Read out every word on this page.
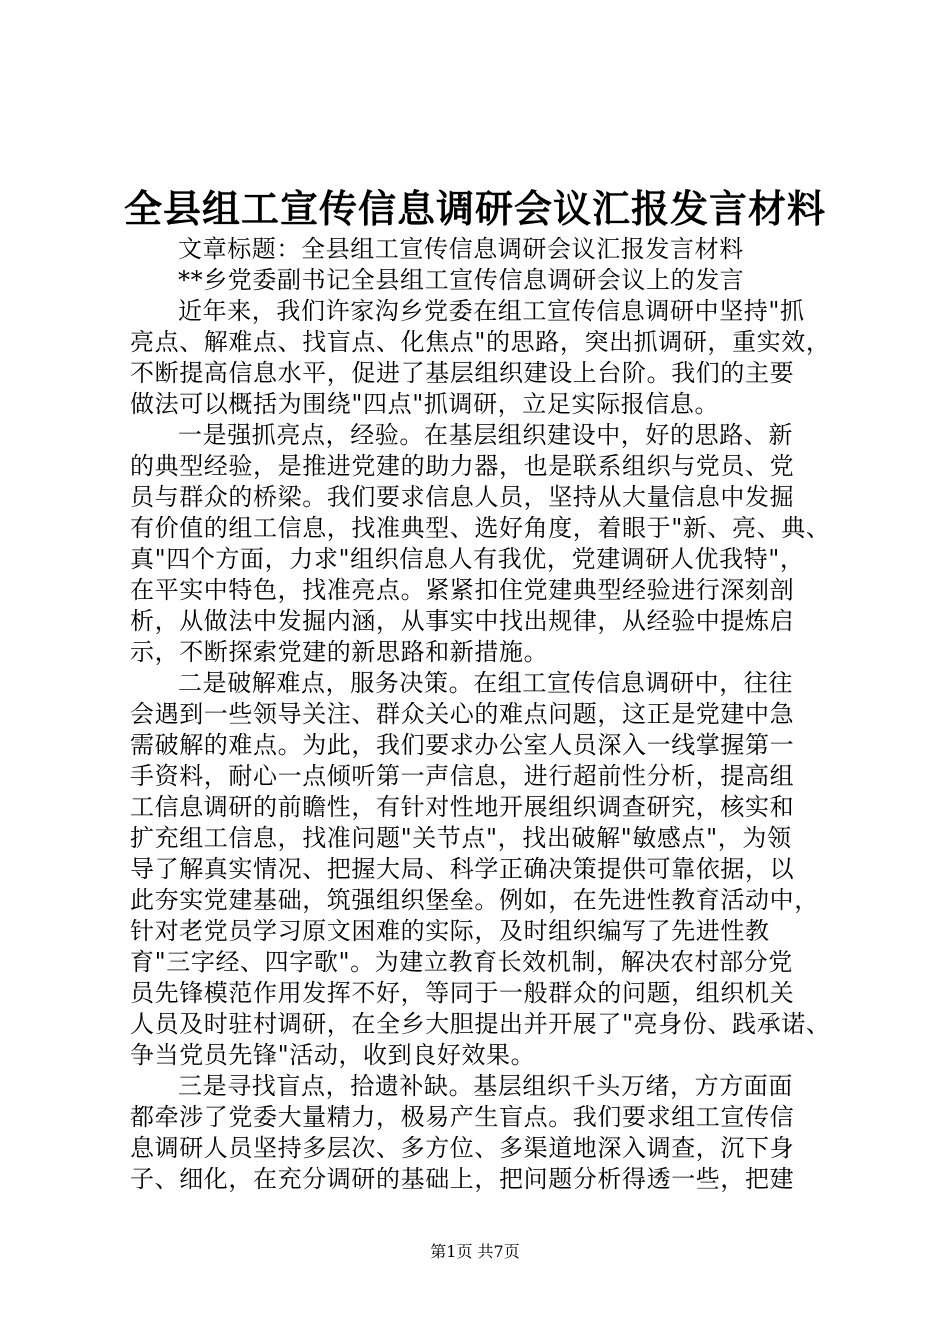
全县组工宣传信息调研会议汇报发言材料
文章标题：全县组工宣传信息调研会议汇报发言材料
**乡党委副书记全县组工宣传信息调研会议上的发言
近年来，我们许家沟乡党委在组工宣传信息调研中坚持"抓
亮点、解难点、找盲点、化焦点"的思路，突出抓调研，重实效，
不断提高信息水平，促进了基层组织建设上台阶。我们的主要
做法可以概括为围绕"四点"抓调研，立足实际报信息。
一是强抓亮点，经验。在基层组织建设中，好的思路、新
的典型经验，是推进党建的助力器，也是联系组织与党员、党
员与群众的桥梁。我们要求信息人员，坚持从大量信息中发掘
有价值的组工信息，找准典型、选好角度，着眼于"新、亮、典、
真"四个方面，力求"组织信息人有我优，党建调研人优我特"，
在平实中特色，找准亮点。紧紧扣住党建典型经验进行深刻剖
析，从做法中发掘内涵，从事实中找出规律，从经验中提炼启
示，不断探索党建的新思路和新措施。
二是破解难点，服务决策。在组工宣传信息调研中，往往
会遇到一些领导关注、群众关心的难点问题，这正是党建中急
需破解的难点。为此，我们要求办公室人员深入一线掌握第一
手资料，耐心一点倾听第一声信息，进行超前性分析，提高组
工信息调研的前瞻性，有针对性地开展组织调查研究，核实和
扩充组工信息，找准问题"关节点"，找出破解"敏感点"，为领
导了解真实情况、把握大局、科学正确决策提供可靠依据，以
此夯实党建基础，筑强组织堡垒。例如，在先进性教育活动中，
针对老党员学习原文困难的实际，及时组织编写了先进性教
育"三字经、四字歌"。为建立教育长效机制，解决农村部分党
员先锋模范作用发挥不好，等同于一般群众的问题，组织机关
人员及时驻村调研，在全乡大胆提出并开展了"亮身份、践承诺、
争当党员先锋"活动，收到良好效果。
三是寻找盲点，拾遗补缺。基层组织千头万绪，方方面面
都牵涉了党委大量精力，极易产生盲点。我们要求组工宣传信
息调研人员坚持多层次、多方位、多渠道地深入调查，沉下身
子、细化，在充分调研的基础上，把问题分析得透一些，把建
第1页 共7页
